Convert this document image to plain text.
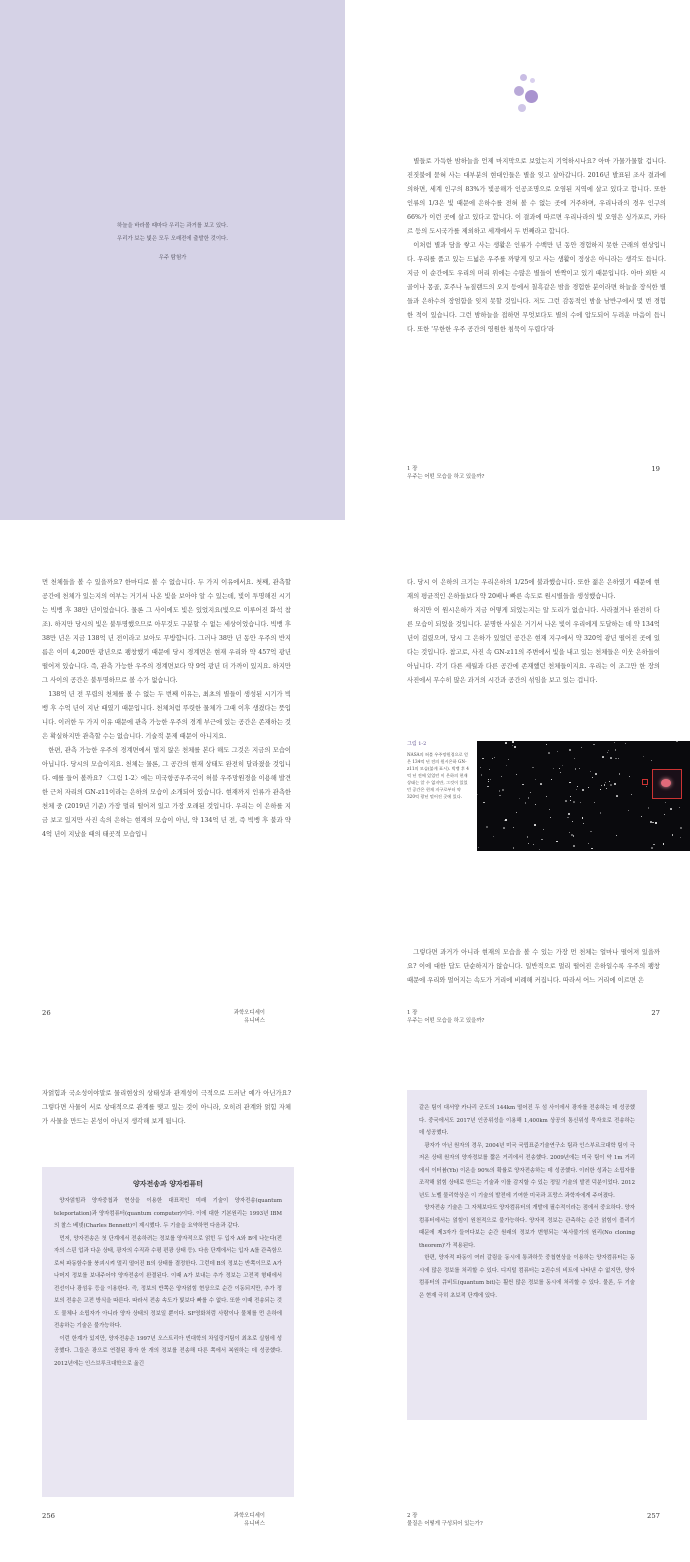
하늘을 바라볼 때마다 우리는 과거를 보고 있다.
우리가 보는 빛은 모두 오래전에 출발한 것이다.
우주 탐험가

별들로 가득한 밤하늘을 언제 마지막으로 보았는지 기억하시나요? 아마 가물가물할 겁니다. 진짓불에 묻혀 사는 대부분의 현대인들은 별을 잊고 살아갑니다. 2016년 발표된 조사 결과에 의하면, 세계 인구의 83%가 빛공해가 인공조명으로 오염된 지역에 살고 있다고 합니다. 또한 인류의 1/3은 빛 때문에 은하수를 전혀 볼 수 없는 곳에 거주하며, 우리나라의 경우 인구의 66%가 이런 곳에 살고 있다고 합니다. 이 결과에 따르면 우리나라의 빛 오염은 싱가포르, 카타르 등의 도시국가를 제외하고 세계에서 두 번째라고 합니다.

이처럼 별과 담을 쌓고 사는 생활은 인류가 수백만 년 동안 경험하지 못한 근래의 현상입니다. 우리를 품고 있는 드넓은 우주를 까맣게 잊고 사는 생활이 정상은 아니라는 생각도 듭니다. 지금 이 순간에도 우리의 머리 위에는 수많은 별들이 반짝이고 있기 때문입니다. 아마 외딴 시골이나 몽골, 호주나 뉴질랜드의 오지 등에서 칠흑같은 밤을 경험한 분이라면 하늘을 장식한 별들과 은하수의 장엄함을 잊지 못할 것입니다. 저도 그런 감동적인 밤을 남반구에서 몇 번 경험한 적이 있습니다. 그런 밤하늘을 접하면 무엇보다도 별의 수에 압도되어 두려운 마음이 듭니다. 또한 '무한한 우주 공간의 영원한 침묵이 두렵다'라

1 장
우주는 어떤 모습을 하고 있을까?
19

먼 천체들을 볼 수 있을까요? 한마디로 볼 수 없습니다. 두 가지 이유에서요. 첫째, 관측할 공간에 천체가 있는지의 여부는 거기서 나온 빛을 보아야 알 수 있는데, 빛이 투명해진 시기는 빅뱅 후 38만 년이었습니다. 물론 그 사이에도 빛은 있었지요(빛으로 이루어진 화석 참조). 하지만 당시의 빛은 불투명했으므로 아무것도 구분할 수 없는 세상이었습니다. 빅뱅 후 38만 년은 지금 138억 년 전이라고 보아도 무방합니다. 그러나 38만 년 동안 우주의 반지름은 이미 4,200만 광년으로 팽창했기 때문에 당시 경계면은 현재 우리와 약 457억 광년 떨어져 있습니다. 즉, 관측 가능한 우주의 경계면보다 약 9억 광년 더 가까이 있지요. 하지만 그 사이의 공간은 불투명하므로 볼 수가 없습니다.

138억 년 전 무렵의 천체를 볼 수 없는 두 번째 이유는, 최초의 별들이 생성된 시기가 빅뱅 후 수억 년이 지난 때였기 때문입니다. 천체처럼 뚜렷한 물체가 그때 이후 생겼다는 뜻입니다. 이러한 두 가지 이유 때문에 관측 가능한 우주의 경계 부근에 있는 공간은 존재하는 것은 확실하지만 관측할 수는 없습니다. 기술적 문제 때문이 아니지요.

한편, 관측 가능한 우주의 경계면에서 멀지 않은 천체를 본다 해도 그것은 지금의 모습이 아닙니다. 당시의 모습이지요. 천체는 물론, 그 공간의 현재 상태도 완전히 달라졌을 것입니다. 예를 들어 볼까요? 〈그림 1-2〉에는 미국항공우주국이 허블 우주망원경을 이용해 발견한 근처 자리의 GN-z11이라는 은하의 모습이 소개되어 있습니다. 현재까지 인류가 관측한 천체 중 (2019년 기준) 가장 멀리 떨어져 있고 가장 오래된 것입니다. 우리는 이 은하를 지금 보고 있지만 사진 속의 은하는 현재의 모습이 아닌, 약 134억 년 전, 즉 빅뱅 후 불과 약 4억 년이 지났을 때의 태곳적 모습입니

26	과학오디세이
유니버스

다. 당시 이 은하의 크기는 우리은하의 1/25에 불과했습니다. 또한 젊은 은하였기 때문에 현재의 평균적인 은하들보다 약 20배나 빠른 속도로 원시별들을 생성했습니다.

하지만 이 원시은하가 지금 어떻게 되었는지는 알 도리가 없습니다. 사라졌거나 완전히 다른 모습이 되었을 것입니다. 분명한 사실은 거기서 나온 빛이 우리에게 도달하는 데 약 134억 년이 걸렸으며, 당시 그 은하가 있었던 공간은 현재 지구에서 약 320억 광년 떨어진 곳에 있다는 것입니다. 참고로, 사진 속 GN-z11의 주변에서 빛을 내고 있는 천체들은 이웃 은하들이 아닙니다. 각기 다른 세월과 다른 공간에 존재했던 천체들이지요. 우리는 이 조그만 한 장의 사진에서 무수히 많은 과거의 시간과 공간의 섞임을 보고 있는 겁니다.

그림 1-2
NASA의 허블 우주망원경으로 얻은 134억 년 전의 원시은하 GN-z11의 모습(붉게 표시). 빅뱅 후 4억 년 전에 있었던 이 은하의 현재 상태는 알 수 없지만, 그것이 있었던 공간은 현재 지구로부터 약 320억 광년 떨어진 곳에 있다.

그렇다면 과거가 아니라 현재의 모습을 볼 수 있는 가장 먼 천체는 얼마나 떨어져 있을까요? 이에 대한 답도 단순하지가 않습니다. 일반적으로 멀리 떨어진 은하일수록 우주의 팽창 때문에 우리와 멀어지는 속도가 거리에 비례해 커집니다. 따라서 어느 거리에 이르면 은

1 장
우주는 어떤 모습을 하고 있을까?
27

자얽힘과 국소성이야말로 물리현상의 상태성과 관계성이 극적으로 드러난 예가 아닌가요? 그렇다면 사물이 서로 상대적으로 관계를 맺고 있는 것이 아니라, 오히려 관계와 얽힘 자체가 사물을 만드는 본성이 아닌지 생각해 보게 됩니다.

양자전송과 양자컴퓨터

양자얽힘과 양자중첩과 현상을 이용한 대표적인 미래 기술이 양자전송(quantum teleportation)과 양자컴퓨터(quantum computer)이다. 이에 대한 기본원리는 1993년 IBM의 찰스 베넷(Charles Bennett)이 제시했다. 두 기술을 요약하면 다음과 같다.

먼저, 양자전송은 첫 단계에서 전송하려는 정보를 양자적으로 얽힌 두 입자 A와 B에 나눈다(전자의 스핀 업과 다운 상태, 광자의 수직과 수평 편광 상태 등). 다음 단계에서는 입자 A를 관측함으로써 파동함수를 붕괴시켜 멀리 떨어진 B의 상태를 결정한다. 그런데 B의 정보는 반쪽이므로 A가 나머지 정보를 보내주어야 양자전송이 완결된다. 이때 A가 보내는 추가 정보는 고전적 형태에서 전선이나 광섬유 등을 이용한다. 즉, 정보의 반쪽은 양자얽힘 현상으로 순간 이동되지만, 추가 정보의 전송은 고전 방식을 따른다. 따라서 전송 속도가 빛보다 빠를 수 없다. 또한 이때 전송되는 것도 물체나 소립자가 아니라 양자 상태의 정보일 뿐이다. SF영화처럼 사람이나 물체를 먼 은하에 전송하는 기술은 불가능하다.

이런 한계가 있지만, 양자전송은 1997년 오스트리아 빈대학의 차일링거팀이 최초로 실험에 성공했다. 그들은 광으로 연결된 광자 한 개의 정보를 전송해 다른 쪽에서 복원하는 데 성공했다. 2012년에는 인스브루크대학으로 옮긴

256	과학오디세이
유니버스

같은 팀이 대서양 카나리 군도의 144km 떨어진 두 섬 사이에서 광자를 전송하는 데 성공했다. 중국에서도 2017년 인공위성을 이용해 1,400km 상공의 통신위성 묵자호로 전송하는 데 성공했다.

광자가 아닌 원자의 경우, 2004년 미국 국립표준기술연구소 팀과 인스부르크대학 팀이 극저온 상태 원자의 양자정보를 짧은 거리에서 전송했다. 2009년에는 미국 팀이 약 1m 거리에서 이터븀(Yb) 이온을 90%의 확률로 양자전송하는 데 성공했다. 이러한 성과는 소립자를 조작해 얽힘 상태로 만드는 기술과 이를 감지할 수 있는 정밀 기술의 발전 덕분이었다. 2012년도 노벨 물리학상은 이 기술의 발전에 기여한 미국과 프랑스 과학자에게 주어졌다.

양자전송 기술은 그 자체보다도 양자컴퓨터의 개발에 필수적이라는 점에서 중요하다. 양자컴퓨터에서는 얽힘이 원천적으로 불가능하다. 양자적 정보는 관측하는 순간 얽힘이 풀리기 때문에 제3자가 들여다보는 순간 원래의 정보가 변형되는 '복사불가의 원리(No cloning theorem)'가 적용된다.

한편, 양자적 파동이 여러 갈림을 동시에 통과하듯 중첩현상을 이용하는 양자컴퓨터는 동시에 많은 정보를 처리할 수 있다. 디지털 컴퓨터는 2진수의 비트에 나타낸 수 없지만, 양자컴퓨터의 큐비트(quantum bit)는 훨씬 많은 정보를 동시에 처리할 수 있다. 물론, 두 기술은 현재 극히 초보적 단계에 있다.

2 장
물질은 어떻게 구성되어 있는가?
257
